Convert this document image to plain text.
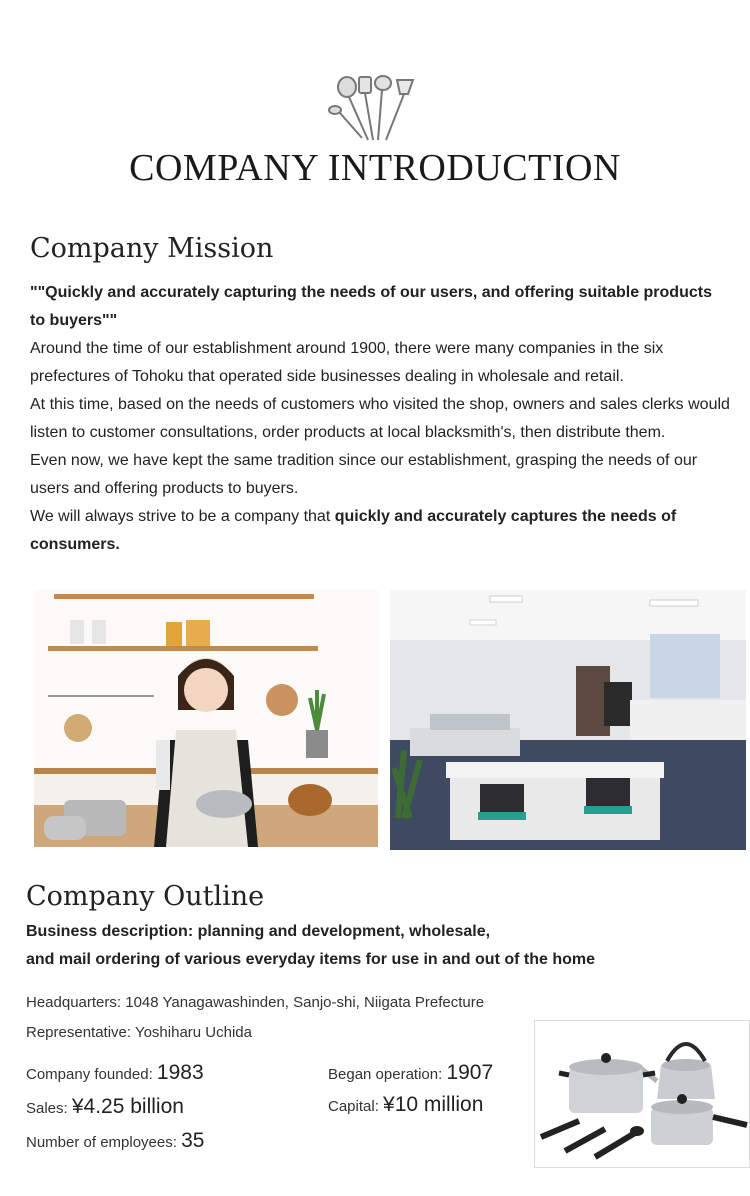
COMPANY INTRODUCTION
Company Mission

""Quickly and accurately capturing the needs of our users, and offering suitable products to buyers""

Around the time of our establishment around 1900, there were many companies in the six prefectures of Tohoku that operated side businesses dealing in wholesale and retail.

At this time, based on the needs of customers who visited the shop, owners and sales clerks would listen to customer consultations, order products at local blacksmith's, then distribute them.

Even now, we have kept the same tradition since our establishment, grasping the needs of our users and offering products to buyers.

We will always strive to be a company that quickly and accurately captures the needs of consumers.

Company Outline
Business description: planning and development, wholesale,
and mail ordering of various everyday items for use in and out of the home
Headquarters: 1048 Yanagawashinden, Sanjo-shi, Niigata Prefecture
Representative: Yoshiharu Uchida
Company founded: 1983	Began operation: 1907
Sales: ¥4.25 billion	Capital: ¥10 million
Number of employees: 35
